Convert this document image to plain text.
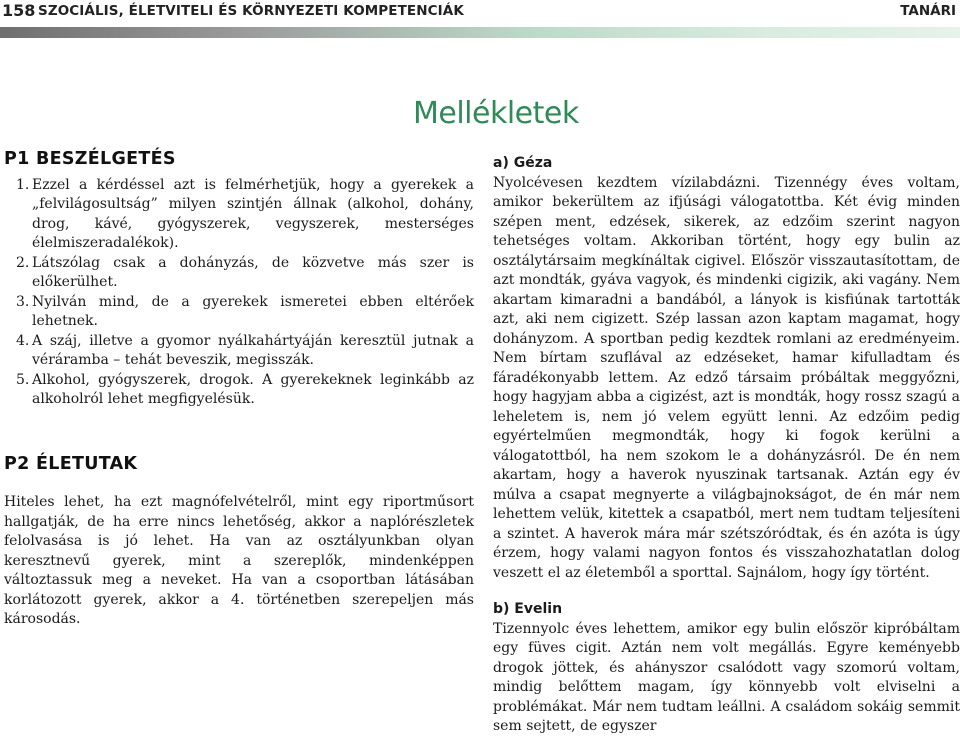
158 SZOCIÁLIS, ÉLETVITELI ÉS KÖRNYEZETI KOMPETENCIÁK	TANÁRI
Mellékletek
P1 BESZÉLGETÉS
1. Ezzel a kérdéssel azt is felmérhetjük, hogy a gyerekek a „felvilágosultság” milyen szintjén állnak (alkohol, dohány, drog, kávé, gyógyszerek, vegyszerek, mesterséges élelmiszeradalékok).
2. Látszólag csak a dohányzás, de közvetve más szer is előkerülhet.
3. Nyilván mind, de a gyerekek ismeretei ebben eltérőek lehetnek.
4. A száj, illetve a gyomor nyálkahártyáján keresztül jutnak a véráramba – tehát beveszik, megisszák.
5. Alkohol, gyógyszerek, drogok. A gyerekeknek leginkább az alkoholról lehet megfigyelésük.
P2 ÉLETUTAK

Hiteles lehet, ha ezt magnófelvételről, mint egy riportműsort hallgatják, de ha erre nincs lehetőség, akkor a naplórészletek felolvasása is jó lehet. Ha van az osztályunkban olyan keresztnevű gyerek, mint a szereplők, mindenképpen változtassuk meg a neveket. Ha van a csoportban látásában korlátozott gyerek, akkor a 4. történetben szerepeljen más károsodás.

a) Géza

Nyolcévesen kezdtem vízilabdázni. Tizennégy éves voltam, amikor bekerültem az ifjúsági válogatottba. Két évig minden szépen ment, edzések, sikerek, az edzőim szerint nagyon tehetséges voltam. Akkoriban történt, hogy egy bulin az osztálytársaim megkínáltak cigivel. Először visszautasítottam, de azt mondták, gyáva vagyok, és mindenki cigizik, aki vagány. Nem akartam kimaradni a bandából, a lányok is kisfiúnak tartották azt, aki nem cigizett. Szép lassan azon kaptam magamat, hogy dohányzom. A sportban pedig kezdtek romlani az eredményeim. Nem bírtam szuflával az edzéseket, hamar kifulladtam és fáradékonyabb lettem. Az edző társaim próbáltak meggyőzni, hogy hagyjam abba a cigizést, azt is mondták, hogy rossz szagú a leheletem is, nem jó velem együtt lenni. Az edzőim pedig egyértelműen megmondták, hogy ki fogok kerülni a válogatottból, ha nem szokom le a dohányzásról. De én nem akartam, hogy a haverok nyuszinak tartsanak. Aztán egy év múlva a csapat megnyerte a világbajnokságot, de én már nem lehettem velük, kitettek a csapatból, mert nem tudtam teljesíteni a szintet. A haverok mára már szétszóródtak, és én azóta is úgy érzem, hogy valami nagyon fontos és visszahozhatatlan dolog veszett el az életemből a sporttal. Sajnálom, hogy így történt.

b) Evelin

Tizennyolc éves lehettem, amikor egy bulin először kipróbáltam egy füves cigit. Aztán nem volt megállás. Egyre keményebb drogok jöttek, és ahányszor csalódott vagy szomorú voltam, mindig belőttem magam, így könnyebb volt elviselni a problémákat. Már nem tudtam leállni. A családom sokáig semmit sem sejtett, de egyszer
